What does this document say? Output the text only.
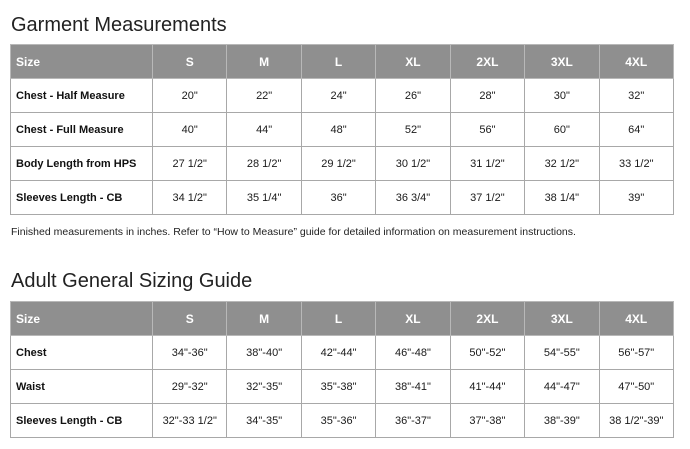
Garment Measurements
Size	S	M	L	XL	2XL	3XL	4XL
Chest - Half Measure	20"	22"	24"	26"	28"	30"	32"
Chest - Full Measure	40"	44"	48"	52"	56"	60"	64"
Body Length from HPS	27 1/2"	28 1/2"	29 1/2"	30 1/2"	31 1/2"	32 1/2"	33 1/2"
Sleeves Length - CB	34 1/2"	35 1/4"	36"	36 3/4"	37 1/2"	38 1/4"	39"
Finished measurements in inches. Refer to “How to Measure” guide for detailed information on measurement instructions.
Adult General Sizing Guide
Size	S	M	L	XL	2XL	3XL	4XL
Chest	34"-36"	38"-40"	42"-44"	46"-48"	50"-52"	54"-55"	56"-57"
Waist	29"-32"	32"-35"	35"-38"	38"-41"	41"-44"	44"-47"	47"-50"
Sleeves Length - CB	32"-33 1/2"	34"-35"	35"-36"	36"-37"	37"-38"	38"-39"	38 1/2"-39"
